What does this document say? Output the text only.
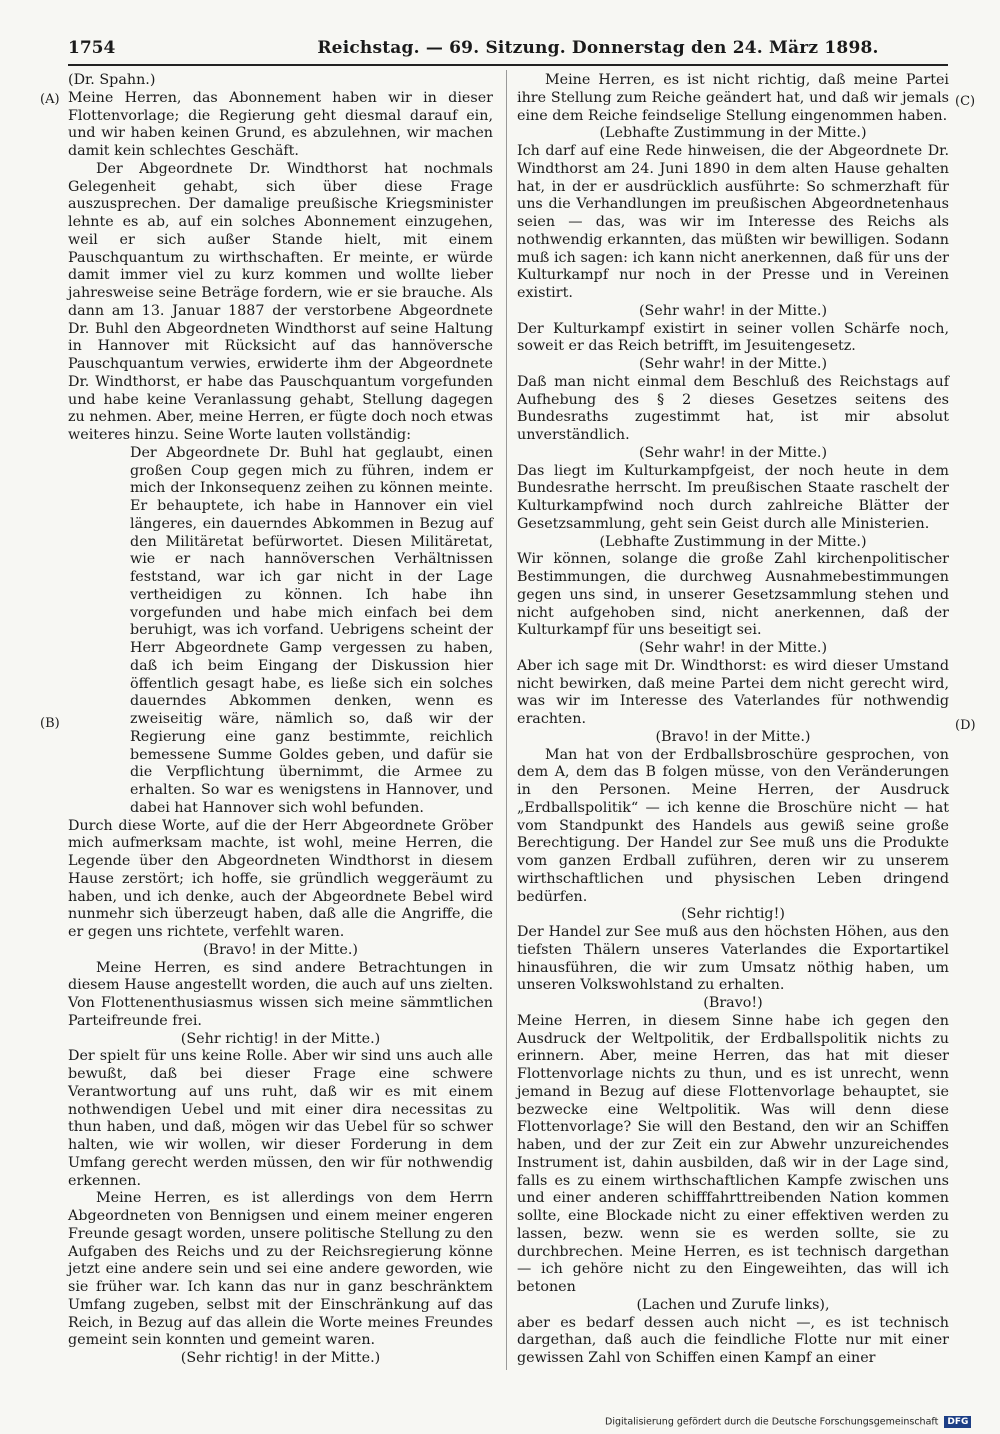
1754	Reichstag. — 69. Sitzung. Donnerstag den 24. März 1898.
(A)
(B)
(C)
(D)

(Dr. Spahn.)

Meine Herren, das Abonnement haben wir in dieser Flottenvorlage; die Regierung geht diesmal darauf ein, und wir haben keinen Grund, es abzulehnen, wir machen damit kein schlechtes Geschäft.

Der Abgeordnete Dr. Windthorst hat nochmals Gelegenheit gehabt, sich über diese Frage auszusprechen. Der damalige preußische Kriegsminister lehnte es ab, auf ein solches Abonnement einzugehen, weil er sich außer Stande hielt, mit einem Pauschquantum zu wirthschaften. Er meinte, er würde damit immer viel zu kurz kommen und wollte lieber jahresweise seine Beträge fordern, wie er sie brauche. Als dann am 13. Januar 1887 der verstorbene Abgeordnete Dr. Buhl den Abgeordneten Windthorst auf seine Haltung in Hannover mit Rücksicht auf das hannöversche Pauschquantum verwies, erwiderte ihm der Abgeordnete Dr. Windthorst, er habe das Pauschquantum vorgefunden und habe keine Veranlassung gehabt, Stellung dagegen zu nehmen. Aber, meine Herren, er fügte doch noch etwas weiteres hinzu. Seine Worte lauten vollständig:

Der Abgeordnete Dr. Buhl hat geglaubt, einen großen Coup gegen mich zu führen, indem er mich der Inkonsequenz zeihen zu können meinte. Er behauptete, ich habe in Hannover ein viel längeres, ein dauerndes Abkommen in Bezug auf den Militäretat befürwortet. Diesen Militäretat, wie er nach hannöverschen Verhältnissen feststand, war ich gar nicht in der Lage vertheidigen zu können. Ich habe ihn vorgefunden und habe mich einfach bei dem beruhigt, was ich vorfand. Uebrigens scheint der Herr Abgeordnete Gamp vergessen zu haben, daß ich beim Eingang der Diskussion hier öffentlich gesagt habe, es ließe sich ein solches dauerndes Abkommen denken, wenn es zweiseitig wäre, nämlich so, daß wir der Regierung eine ganz bestimmte, reichlich bemessene Summe Goldes geben, und dafür sie die Verpflichtung übernimmt, die Armee zu erhalten. So war es wenigstens in Hannover, und dabei hat Hannover sich wohl befunden.

Durch diese Worte, auf die der Herr Abgeordnete Gröber mich aufmerksam machte, ist wohl, meine Herren, die Legende über den Abgeordneten Windthorst in diesem Hause zerstört; ich hoffe, sie gründlich weggeräumt zu haben, und ich denke, auch der Abgeordnete Bebel wird nunmehr sich überzeugt haben, daß alle die Angriffe, die er gegen uns richtete, verfehlt waren.

(Bravo! in der Mitte.)

Meine Herren, es sind andere Betrachtungen in diesem Hause angestellt worden, die auch auf uns zielten. Von Flottenenthusiasmus wissen sich meine sämmtlichen Parteifreunde frei.

(Sehr richtig! in der Mitte.)

Der spielt für uns keine Rolle. Aber wir sind uns auch alle bewußt, daß bei dieser Frage eine schwere Verantwortung auf uns ruht, daß wir es mit einem nothwendigen Uebel und mit einer dira necessitas zu thun haben, und daß, mögen wir das Uebel für so schwer halten, wie wir wollen, wir dieser Forderung in dem Umfang gerecht werden müssen, den wir für nothwendig erkennen.

Meine Herren, es ist allerdings von dem Herrn Abgeordneten von Bennigsen und einem meiner engeren Freunde gesagt worden, unsere politische Stellung zu den Aufgaben des Reichs und zu der Reichsregierung könne jetzt eine andere sein und sei eine andere geworden, wie sie früher war. Ich kann das nur in ganz beschränktem Umfang zugeben, selbst mit der Einschränkung auf das Reich, in Bezug auf das allein die Worte meines Freundes gemeint sein konnten und gemeint waren.

(Sehr richtig! in der Mitte.)

Meine Herren, es ist nicht richtig, daß meine Partei ihre Stellung zum Reiche geändert hat, und daß wir jemals eine dem Reiche feindselige Stellung eingenommen haben.

(Lebhafte Zustimmung in der Mitte.)

Ich darf auf eine Rede hinweisen, die der Abgeordnete Dr. Windthorst am 24. Juni 1890 in dem alten Hause gehalten hat, in der er ausdrücklich ausführte: So schmerzhaft für uns die Verhandlungen im preußischen Abgeordnetenhaus seien — das, was wir im Interesse des Reichs als nothwendig erkannten, das müßten wir bewilligen. Sodann muß ich sagen: ich kann nicht anerkennen, daß für uns der Kulturkampf nur noch in der Presse und in Vereinen existirt.

(Sehr wahr! in der Mitte.)

Der Kulturkampf existirt in seiner vollen Schärfe noch, soweit er das Reich betrifft, im Jesuitengesetz.

(Sehr wahr! in der Mitte.)

Daß man nicht einmal dem Beschluß des Reichstags auf Aufhebung des § 2 dieses Gesetzes seitens des Bundesraths zugestimmt hat, ist mir absolut unverständlich.

(Sehr wahr! in der Mitte.)

Das liegt im Kulturkampfgeist, der noch heute in dem Bundesrathe herrscht. Im preußischen Staate raschelt der Kulturkampfwind noch durch zahlreiche Blätter der Gesetzsammlung, geht sein Geist durch alle Ministerien.

(Lebhafte Zustimmung in der Mitte.)

Wir können, solange die große Zahl kirchenpolitischer Bestimmungen, die durchweg Ausnahmebestimmungen gegen uns sind, in unserer Gesetzsammlung stehen und nicht aufgehoben sind, nicht anerkennen, daß der Kulturkampf für uns beseitigt sei.

(Sehr wahr! in der Mitte.)

Aber ich sage mit Dr. Windthorst: es wird dieser Umstand nicht bewirken, daß meine Partei dem nicht gerecht wird, was wir im Interesse des Vaterlandes für nothwendig erachten.

(Bravo! in der Mitte.)

Man hat von der Erdballsbroschüre gesprochen, von dem A, dem das B folgen müsse, von den Veränderungen in den Personen. Meine Herren, der Ausdruck „Erdballspolitik“ — ich kenne die Broschüre nicht — hat vom Standpunkt des Handels aus gewiß seine große Berechtigung. Der Handel zur See muß uns die Produkte vom ganzen Erdball zuführen, deren wir zu unserem wirthschaftlichen und physischen Leben dringend bedürfen.

(Sehr richtig!)

Der Handel zur See muß aus den höchsten Höhen, aus den tiefsten Thälern unseres Vaterlandes die Exportartikel hinausführen, die wir zum Umsatz nöthig haben, um unseren Volkswohlstand zu erhalten.

(Bravo!)

Meine Herren, in diesem Sinne habe ich gegen den Ausdruck der Weltpolitik, der Erdballspolitik nichts zu erinnern. Aber, meine Herren, das hat mit dieser Flottenvorlage nichts zu thun, und es ist unrecht, wenn jemand in Bezug auf diese Flottenvorlage behauptet, sie bezwecke eine Weltpolitik. Was will denn diese Flottenvorlage? Sie will den Bestand, den wir an Schiffen haben, und der zur Zeit ein zur Abwehr unzureichendes Instrument ist, dahin ausbilden, daß wir in der Lage sind, falls es zu einem wirthschaftlichen Kampfe zwischen uns und einer anderen schifffahrttreibenden Nation kommen sollte, eine Blockade nicht zu einer effektiven werden zu lassen, bezw. wenn sie es werden sollte, sie zu durchbrechen. Meine Herren, es ist technisch dargethan — ich gehöre nicht zu den Eingeweihten, das will ich betonen

(Lachen und Zurufe links),

aber es bedarf dessen auch nicht —, es ist technisch dargethan, daß auch die feindliche Flotte nur mit einer gewissen Zahl von Schiffen einen Kampf an einer

Digitalisierung gefördert durch die Deutsche Forschungsgemeinschaft DFG
